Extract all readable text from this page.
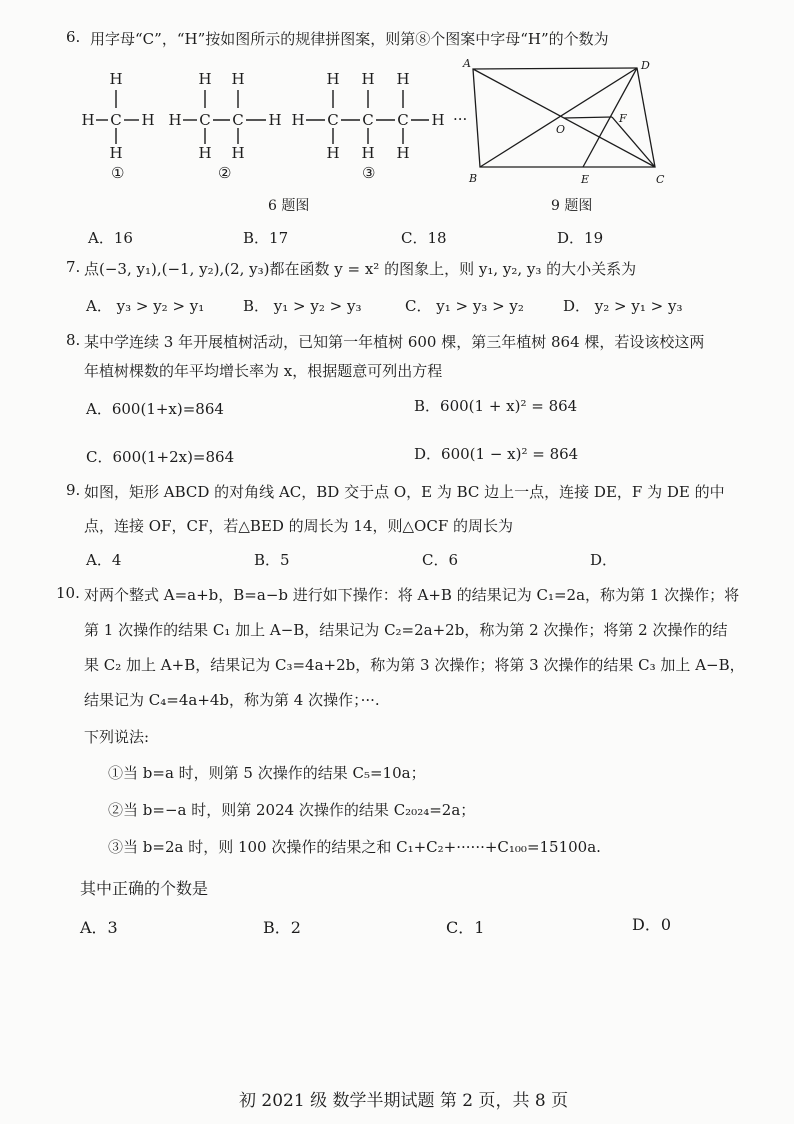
6. 用字母“C”，“H”按如图所示的规律拼图案，则第⑧个图案中字母“H”的个数为
H
H C H
H
H H
H C C H
H H
H H H
H C C C H
H H H
①	②	③
···
6 题图
A	D
O
F
B	E	C
9 题图
A．16	B．17	C．18	D．19
7. 点(−3, y₁),(−1, y₂),(2, y₃)都在函数 y = x² 的图象上，则 y₁, y₂, y₃ 的大小关系为
A． y₃ > y₂ > y₁	B． y₁ > y₂ > y₃	C． y₁ > y₃ > y₂	D． y₂ > y₁ > y₃
8. 某中学连续 3 年开展植树活动，已知第一年植树 600 棵，第三年植树 864 棵，若设该校这两
年植树棵数的年平均增长率为 x，根据题意可列出方程
A．600(1+x)=864	B．600(1 + x)² = 864
C．600(1+2x)=864	D．600(1 − x)² = 864
9. 如图，矩形 ABCD 的对角线 AC，BD 交于点 O，E 为 BC 边上一点，连接 DE，F 为 DE 的中
点，连接 OF，CF，若△BED 的周长为 14，则△OCF 的周长为
A．4	B．5	C．6	D．
10. 对两个整式 A=a+b，B=a−b 进行如下操作：将 A+B 的结果记为 C₁=2a，称为第 1 次操作；将
第 1 次操作的结果 C₁ 加上 A−B，结果记为 C₂=2a+2b，称为第 2 次操作；将第 2 次操作的结
果 C₂ 加上 A+B，结果记为 C₃=4a+2b，称为第 3 次操作；将第 3 次操作的结果 C₃ 加上 A−B，
结果记为 C₄=4a+4b，称为第 4 次操作；···.
下列说法:
①当 b=a 时，则第 5 次操作的结果 C₅=10a；
②当 b=−a 时，则第 2024 次操作的结果 C₂₀₂₄=2a；
③当 b=2a 时，则 100 次操作的结果之和 C₁+C₂+······+C₁₀₀=15100a.
其中正确的个数是
A．3	B．2	C．1	D．0
初 2021 级 数学半期试题 第 2 页，共 8 页
